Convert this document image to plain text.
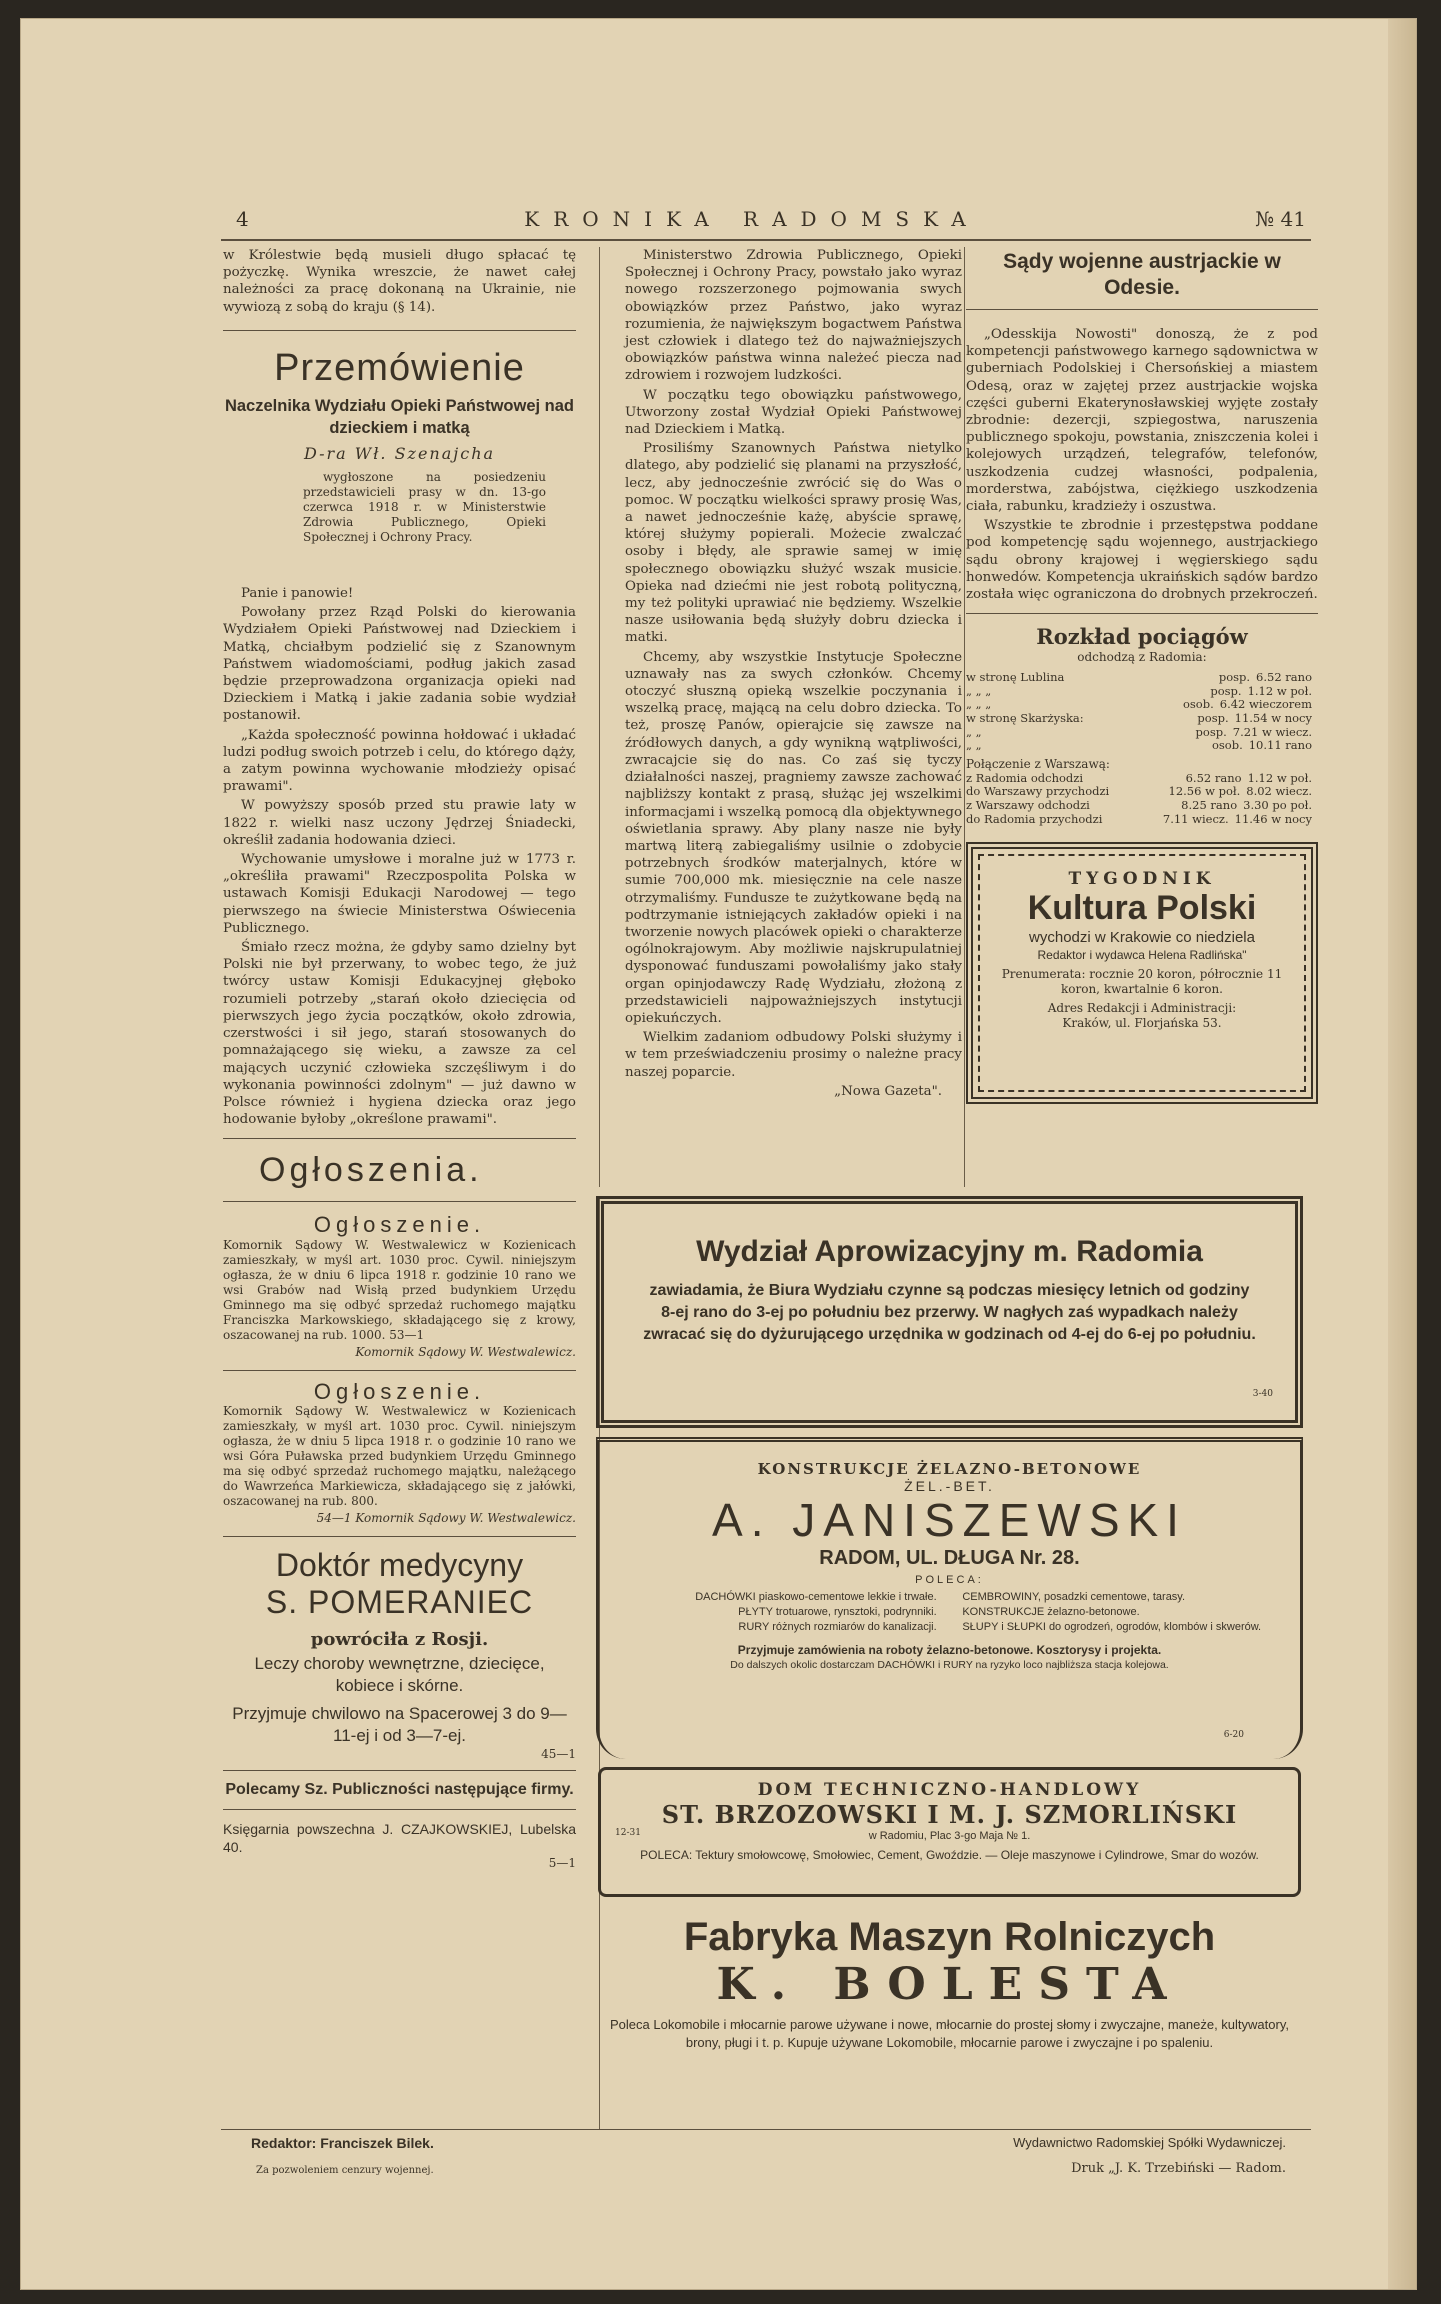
4	KRONIKA RADOMSKA	№ 41

w Królestwie będą musieli długo spłacać tę pożyczkę. Wynika wreszcie, że nawet całej należności za pracę dokonaną na Ukrainie, nie wywiozą z sobą do kraju (§ 14).

Przemówienie
Naczelnika Wydziału Opieki Państwowej nad dzieckiem i matką
D-ra Wł. Szenajcha

wygłoszone na posiedzeniu przedstawicieli prasy w dn. 13-go czerwca 1918 r. w Ministerstwie Zdrowia Publicznego, Opieki Społecznej i Ochrony Pracy.

Panie i panowie!

Powołany przez Rząd Polski do kierowania Wydziałem Opieki Państwowej nad Dzieckiem i Matką, chciałbym podzielić się z Szanownym Państwem wiadomościami, podług jakich zasad będzie przeprowadzona organizacja opieki nad Dzieckiem i Matką i jakie zadania sobie wydział postanowił.

„Każda społeczność powinna hołdować i układać ludzi podług swoich potrzeb i celu, do którego dąży, a zatym powinna wychowanie młodzieży opisać prawami".

W powyższy sposób przed stu prawie laty w 1822 r. wielki nasz uczony Jędrzej Śniadecki, określił zadania hodowania dzieci.

Wychowanie umysłowe i moralne już w 1773 r. „określiła prawami" Rzeczpospolita Polska w ustawach Komisji Edukacji Narodowej — tego pierwszego na świecie Ministerstwa Oświecenia Publicznego.

Śmiało rzecz można, że gdyby samo dzielny byt Polski nie był przerwany, to wobec tego, że już twórcy ustaw Komisji Edukacyjnej głęboko rozumieli potrzeby „starań około dziecięcia od pierwszych jego życia początków, około zdrowia, czerstwości i sił jego, starań stosowanych do pomnażającego się wieku, a zawsze za cel mających uczynić człowieka szczęśliwym i do wykonania powinności zdolnym" — już dawno w Polsce również i hygiena dziecka oraz jego hodowanie byłoby „określone prawami".

Ogłoszenia.
Ogłoszenie.

Komornik Sądowy W. Westwalewicz w Kozienicach zamieszkały, w myśl art. 1030 proc. Cywil. niniejszym ogłasza, że w dniu 6 lipca 1918 r. godzinie 10 rano we wsi Grabów nad Wisłą przed budynkiem Urzędu Gminnego ma się odbyć sprzedaż ruchomego majątku Franciszka Markowskiego, składającego się z krowy, oszacowanej na rub. 1000. 53—1

Komornik Sądowy W. Westwalewicz.
Ogłoszenie.

Komornik Sądowy W. Westwalewicz w Kozienicach zamieszkały, w myśl art. 1030 proc. Cywil. niniejszym ogłasza, że w dniu 5 lipca 1918 r. o godzinie 10 rano we wsi Góra Puławska przed budynkiem Urzędu Gminnego ma się odbyć sprzedaż ruchomego majątku, należącego do Wawrzeńca Markiewicza, składającego się z jałówki, oszacowanej na rub. 800.

54—1 Komornik Sądowy W. Westwalewicz.
Doktór medycyny
S. POMERANIEC
powróciła z Rosji.
Leczy choroby wewnętrzne, dziecięce, kobiece i skórne.
Przyjmuje chwilowo na Spacerowej 3 do 9—11-ej i od 3—7-ej.
45—1
Polecamy Sz. Publiczności następujące firmy.
Księgarnia powszechna J. CZAJKOWSKIEJ, Lubelska 40.
5—1

Ministerstwo Zdrowia Publicznego, Opieki Społecznej i Ochrony Pracy, powstało jako wyraz nowego rozszerzonego pojmowania swych obowiązków przez Państwo, jako wyraz rozumienia, że największym bogactwem Państwa jest człowiek i dlatego też do najważniejszych obowiązków państwa winna należeć piecza nad zdrowiem i rozwojem ludzkości.

W początku tego obowiązku państwowego, Utworzony został Wydział Opieki Państwowej nad Dzieckiem i Matką.

Prosiliśmy Szanownych Państwa nietylko dlatego, aby podzielić się planami na przyszłość, lecz, aby jednocześnie zwrócić się do Was o pomoc. W początku wielkości sprawy prosię Was, a nawet jednocześnie każę, abyście sprawę, której służymy popierali. Możecie zwalczać osoby i błędy, ale sprawie samej w imię społecznego obowiązku służyć wszak musicie. Opieka nad dziećmi nie jest robotą polityczną, my też polityki uprawiać nie będziemy. Wszelkie nasze usiłowania będą służyły dobru dziecka i matki.

Chcemy, aby wszystkie Instytucje Społeczne uznawały nas za swych członków. Chcemy otoczyć słuszną opieką wszelkie poczynania i wszelką pracę, mającą na celu dobro dziecka. To też, proszę Panów, opierajcie się zawsze na źródłowych danych, a gdy wynikną wątpliwości, zwracajcie się do nas. Co zaś się tyczy działalności naszej, pragniemy zawsze zachować najbliższy kontakt z prasą, służąc jej wszelkimi informacjami i wszelką pomocą dla objektywnego oświetlania sprawy. Aby plany nasze nie były martwą literą zabiegaliśmy usilnie o zdobycie potrzebnych środków materjalnych, które w sumie 700,000 mk. miesięcznie na cele nasze otrzymaliśmy. Fundusze te zużytkowane będą na podtrzymanie istniejących zakładów opieki i na tworzenie nowych placówek opieki o charakterze ogólnokrajowym. Aby możliwie najskrupulatniej dysponować funduszami powołaliśmy jako stały organ opinjodawczy Radę Wydziału, złożoną z przedstawicieli najpoważniejszych instytucji opiekuńczych.

Wielkim zadaniom odbudowy Polski służymy i w tem przeświadczeniu prosimy o należne pracy naszej poparcie.

„Nowa Gazeta".
Sądy wojenne austrjackie w Odesie.

„Odesskija Nowosti" donoszą, że z pod kompetencji państwowego karnego sądownictwa w guberniach Podolskiej i Chersońskiej a miastem Odesą, oraz w zajętej przez austrjackie wojska części guberni Ekaterynosławskiej wyjęte zostały zbrodnie: dezercji, szpiegostwa, naruszenia publicznego spokoju, powstania, zniszczenia kolei i kolejowych urządzeń, telegrafów, telefonów, uszkodzenia cudzej własności, podpalenia, morderstwa, zabójstwa, ciężkiego uszkodzenia ciała, rabunku, kradzieży i oszustwa.

Wszystkie te zbrodnie i przestępstwa poddane pod kompetencję sądu wojennego, austrjackiego sądu obrony krajowej i węgierskiego sądu honwedów. Kompetencja ukraińskich sądów bardzo została więc ograniczona do drobnych przekroczeń.

Rozkład pociągów
odchodzą z Radomia:
w stronę Lublina	posp. 6.52 rano
„ „ „	posp. 1.12 w poł.
„ „ „	osob. 6.42 wieczorem
w stronę Skarżyska:	posp. 11.54 w nocy
„ „	posp. 7.21 w wiecz.
„ „	osob. 10.11 rano
Połączenie z Warszawą:
z Radomia odchodzi	6.52 rano 1.12 w poł.
do Warszawy przychodzi	12.56 w poł. 8.02 wiecz.
z Warszawy odchodzi	8.25 rano 3.30 po poł.
do Radomia przychodzi	7.11 wiecz. 11.46 w nocy
TYGODNIK
Kultura Polski
wychodzi w Krakowie co niedziela
Redaktor i wydawca Helena Radlińska"
Prenumerata: rocznie 20 koron, półrocznie 11 koron, kwartalnie 6 koron.
Adres Redakcji i Administracji:
Kraków, ul. Florjańska 53.
Wydział Aprowizacyjny m. Radomia
zawiadamia, że Biura Wydziału czynne są podczas miesięcy letnich od godziny 8-ej rano do 3-ej po południu bez przerwy. W nagłych zaś wypadkach należy zwracać się do dyżurującego urzędnika w godzinach od 4-ej do 6-ej po południu.
3-40
KONSTRUKCJE ŻELAZNO-BETONOWE
ŻEL.-BET.
A. JANISZEWSKI
RADOM, UL. DŁUGA Nr. 28.
POLECA:
DACHÓWKI piaskowo-cementowe lekkie i trwałe.
PŁYTY trotuarowe, rynsztoki, podrynniki.
RURY różnych rozmiarów do kanalizacji.
CEMBROWINY, posadzki cementowe, tarasy.
KONSTRUKCJE żelazno-betonowe.
SŁUPY i SŁUPKI do ogrodzeń, ogrodów, klombów i skwerów.
Przyjmuje zamówienia na roboty żelazno-betonowe. Kosztorysy i projekta.
Do dalszych okolic dostarczam DACHÓWKI i RURY na ryzyko loco najbliższa stacja kolejowa.
6-20
DOM TECHNICZNO-HANDLOWY
ST. BRZOZOWSKI I M. J. SZMORLIŃSKI
w Radomiu, Plac 3-go Maja № 1.
POLECA: Tektury smołowcowę, Smołowiec, Cement, Gwoździe. — Oleje maszynowe i Cylindrowe, Smar do wozów.
12-31
Fabryka Maszyn Rolniczych
K. BOLESTA
Poleca Lokomobile i młocarnie parowe używane i nowe, młocarnie do prostej słomy i zwyczajne, maneże, kultywatory, brony, pługi i t. p. Kupuje używane Lokomobile, młocarnie parowe i zwyczajne i po spaleniu.
Redaktor: Franciszek Bilek.
Za pozwoleniem cenzury wojennej.
Wydawnictwo Radomskiej Spółki Wydawniczej.
Druk „J. K. Trzebiński — Radom.
